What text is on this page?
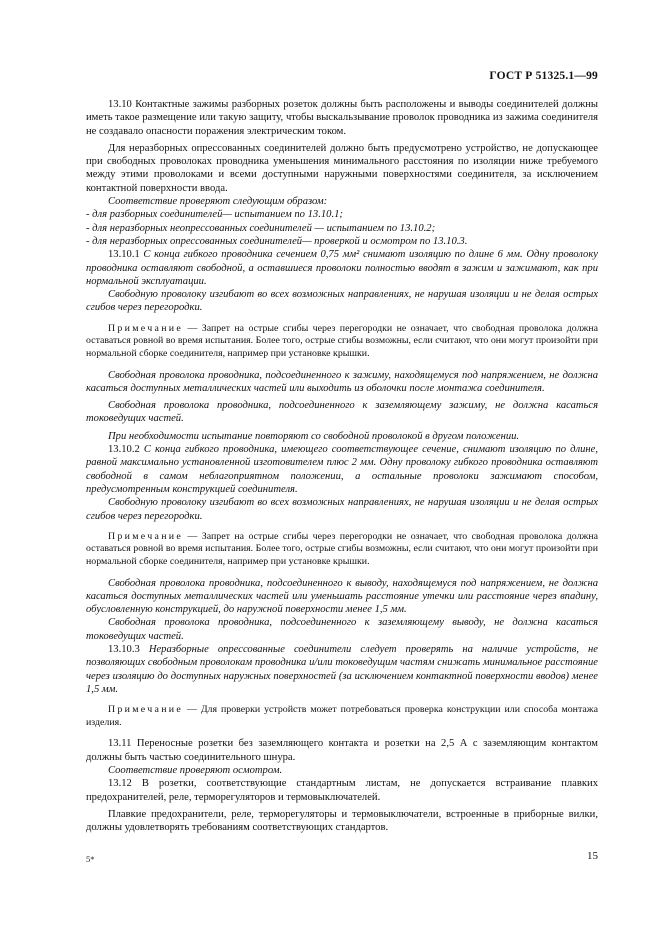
ГОСТ Р 51325.1—99

13.10 Контактные зажимы разборных розеток должны быть расположены и выводы соединителей должны иметь такое размещение или такую защиту, чтобы выскальзывание проволок проводника из зажима соединителя не создавало опасности поражения электрическим током.

Для неразборных опрессованных соединителей должно быть предусмотрено устройство, не допускающее при свободных проволоках проводника уменьшения минимального расстояния по изоляции ниже требуемого между этими проволоками и всеми доступными наружными поверхностями соединителя, за исключением контактной поверхности ввода.

Соответствие проверяют следующим образом:

- для разборных соединителей— испытанием по 13.10.1;

- для неразборных неопрессованных соединителей — испытанием по 13.10.2;

- для неразборных опрессованных соединителей— проверкой и осмотром по 13.10.3.

13.10.1 С конца гибкого проводника сечением 0,75 мм² снимают изоляцию по длине 6 мм. Одну проволоку проводника оставляют свободной, а оставшиеся проволоки полностью вводят в зажим и зажимают, как при нормальной эксплуатации.

Свободную проволоку изгибают во всех возможных направлениях, не нарушая изоляции и не делая острых сгибов через перегородки.

Примечание — Запрет на острые сгибы через перегородки не означает, что свободная проволока должна оставаться ровной во время испытания. Более того, острые сгибы возможны, если считают, что они могут произойти при нормальной сборке соединителя, например при установке крышки.

Свободная проволока проводника, подсоединенного к зажиму, находящемуся под напряжением, не должна касаться доступных металлических частей или выходить из оболочки после монтажа соединителя.

Свободная проволока проводника, подсоединенного к заземляющему зажиму, не должна касаться токоведущих частей.

При необходимости испытание повторяют со свободной проволокой в другом положении.

13.10.2 С конца гибкого проводника, имеющего соответствующее сечение, снимают изоляцию по длине, равной максимально установленной изготовителем плюс 2 мм. Одну проволоку гибкого проводника оставляют свободной в самом неблагоприятном положении, а остальные проволоки зажимают способом, предусмотренным конструкцией соединителя.

Свободную проволоку изгибают во всех возможных направлениях, не нарушая изоляции и не делая острых сгибов через перегородки.

Примечание — Запрет на острые сгибы через перегородки не означает, что свободная проволока должна оставаться ровной во время испытания. Более того, острые сгибы возможны, если считают, что они могут произойти при нормальной сборке соединителя, например при установке крышки.

Свободная проволока проводника, подсоединенного к выводу, находящемуся под напряжением, не должна касаться доступных металлических частей или уменьшать расстояние утечки или расстояние через впадину, обусловленную конструкцией, до наружной поверхности менее 1,5 мм.

Свободная проволока проводника, подсоединенного к заземляющему выводу, не должна касаться токоведущих частей.

13.10.3 Неразборные опрессованные соединители следует проверять на наличие устройств, не позволяющих свободным проволокам проводника и/или токоведущим частям снижать минимальное расстояние через изоляцию до доступных наружных поверхностей (за исключением контактной поверхности вводов) менее 1,5 мм.

Примечание — Для проверки устройств может потребоваться проверка конструкции или способа монтажа изделия.

13.11 Переносные розетки без заземляющего контакта и розетки на 2,5 А с заземляющим контактом должны быть частью соединительного шнура.

Соответствие проверяют осмотром.

13.12 В розетки, соответствующие стандартным листам, не допускается встраивание плавких предохранителей, реле, терморегуляторов и термовыключателей.

Плавкие предохранители, реле, терморегуляторы и термовыключатели, встроенные в приборные вилки, должны удовлетворять требованиям соответствующих стандартов.

5*	15
